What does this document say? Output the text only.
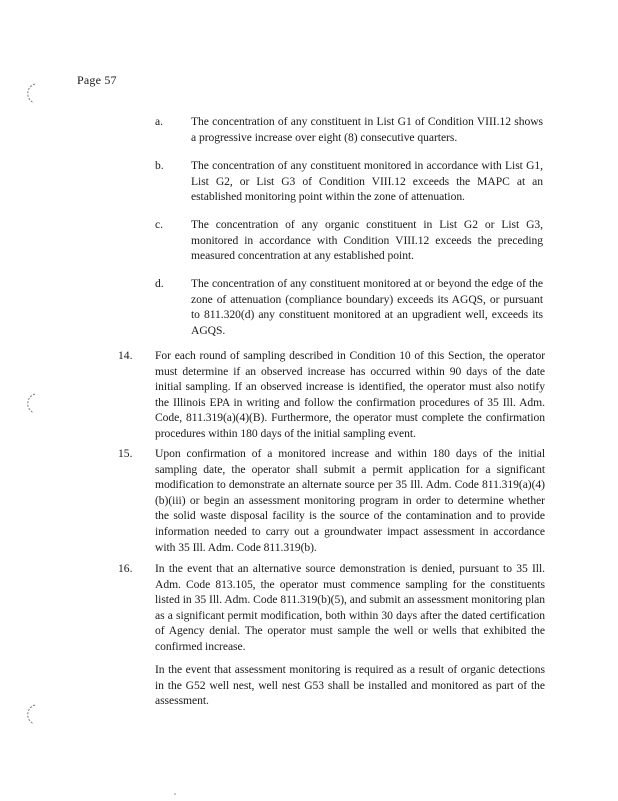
Page 57
a. The concentration of any constituent in List G1 of Condition VIII.12 shows a progressive increase over eight (8) consecutive quarters.
b. The concentration of any constituent monitored in accordance with List G1, List G2, or List G3 of Condition VIII.12 exceeds the MAPC at an established monitoring point within the zone of attenuation.
c. The concentration of any organic constituent in List G2 or List G3, monitored in accordance with Condition VIII.12 exceeds the preceding measured concentration at any established point.
d. The concentration of any constituent monitored at or beyond the edge of the zone of attenuation (compliance boundary) exceeds its AGQS, or pursuant to 811.320(d) any constituent monitored at an upgradient well, exceeds its AGQS.
14. For each round of sampling described in Condition 10 of this Section, the operator must determine if an observed increase has occurred within 90 days of the date initial sampling. If an observed increase is identified, the operator must also notify the Illinois EPA in writing and follow the confirmation procedures of 35 Ill. Adm. Code, 811.319(a)(4)(B). Furthermore, the operator must complete the confirmation procedures within 180 days of the initial sampling event.
15. Upon confirmation of a monitored increase and within 180 days of the initial sampling date, the operator shall submit a permit application for a significant modification to demonstrate an alternate source per 35 Ill. Adm. Code 811.319(a)(4)(b)(iii) or begin an assessment monitoring program in order to determine whether the solid waste disposal facility is the source of the contamination and to provide information needed to carry out a groundwater impact assessment in accordance with 35 Ill. Adm. Code 811.319(b).
16. In the event that an alternative source demonstration is denied, pursuant to 35 Ill. Adm. Code 813.105, the operator must commence sampling for the constituents listed in 35 Ill. Adm. Code 811.319(b)(5), and submit an assessment monitoring plan as a significant permit modification, both within 30 days after the dated certification of Agency denial. The operator must sample the well or wells that exhibited the confirmed increase.
In the event that assessment monitoring is required as a result of organic detections in the G52 well nest, well nest G53 shall be installed and monitored as part of the assessment.
